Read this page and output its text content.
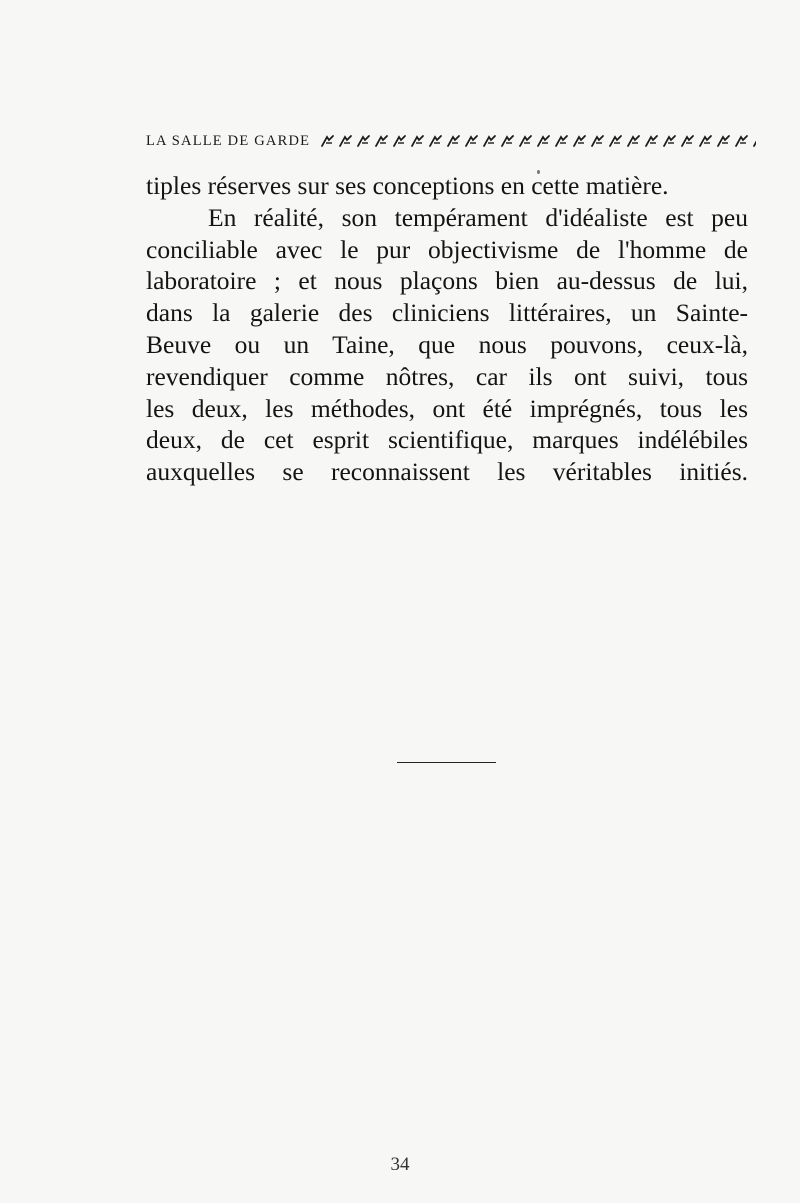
LA SALLE DE GARDE
tiples réserves sur ses conceptions en cette matière.
En réalité, son tempérament d'idéaliste est peu
conciliable avec le pur objectivisme de l'homme de
laboratoire ; et nous plaçons bien au-dessus de lui,
dans la galerie des cliniciens littéraires, un Sainte-
Beuve ou un Taine, que nous pouvons, ceux-là,
revendiquer comme nôtres, car ils ont suivi, tous
les deux, les méthodes, ont été imprégnés, tous les
deux, de cet esprit scientifique, marques indélébiles
auxquelles se reconnaissent les véritables initiés.
34
